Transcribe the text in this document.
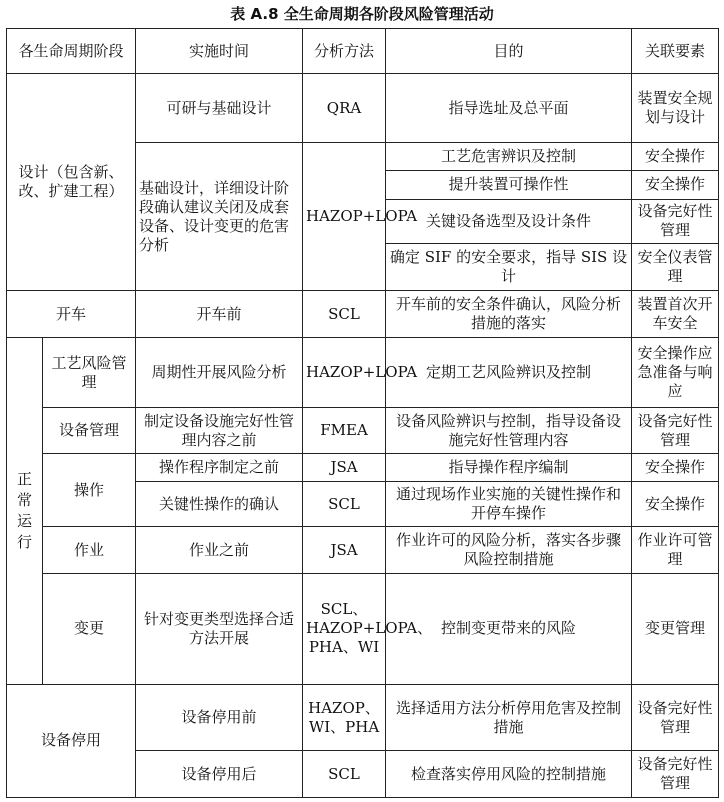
表 A.8 全生命周期各阶段风险管理活动
各生命周期阶段		实施时间	分析方法	目的	关联要素
设计（包含新、改、扩建工程）		可研与基础设计	QRA	指导选址及总平面	装置安全规划与设计
		基础设计，详细设计阶段确认建议关闭及成套设备、设计变更的危害分析	HAZOP+LOPA	工艺危害辨识及控制	安全操作
				提升装置可操作性	安全操作
				关键设备选型及设计条件	设备完好性管理
				确定 SIF 的安全要求，指导 SIS 设计	安全仪表管理
开车		开车前	SCL	开车前的安全条件确认，风险分析措施的落实	装置首次开车安全

正常运行	工艺风险管理	周期性开展风险分析	HAZOP+LOPA	定期工艺风险辨识及控制	安全操作应急准备与响应
	设备管理	制定设备设施完好性管理内容之前	FMEA	设备风险辨识与控制，指导设备设施完好性管理内容	设备完好性管理
	操作	操作程序制定之前	JSA	指导操作程序编制	安全操作
		关键性操作的确认	SCL	通过现场作业实施的关键性操作和开停车操作	安全操作
	作业	作业之前	JSA	作业许可的风险分析，落实各步骤风险控制措施	作业许可管理
	变更	针对变更类型选择合适方法开展	SCL、HAZOP+LOPA、PHA、WI	控制变更带来的风险	变更管理
设备停用		设备停用前	HAZOP、WI、PHA	选择适用方法分析停用危害及控制措施	设备完好性管理
		设备停用后	SCL	检查落实停用风险的控制措施	设备完好性管理
